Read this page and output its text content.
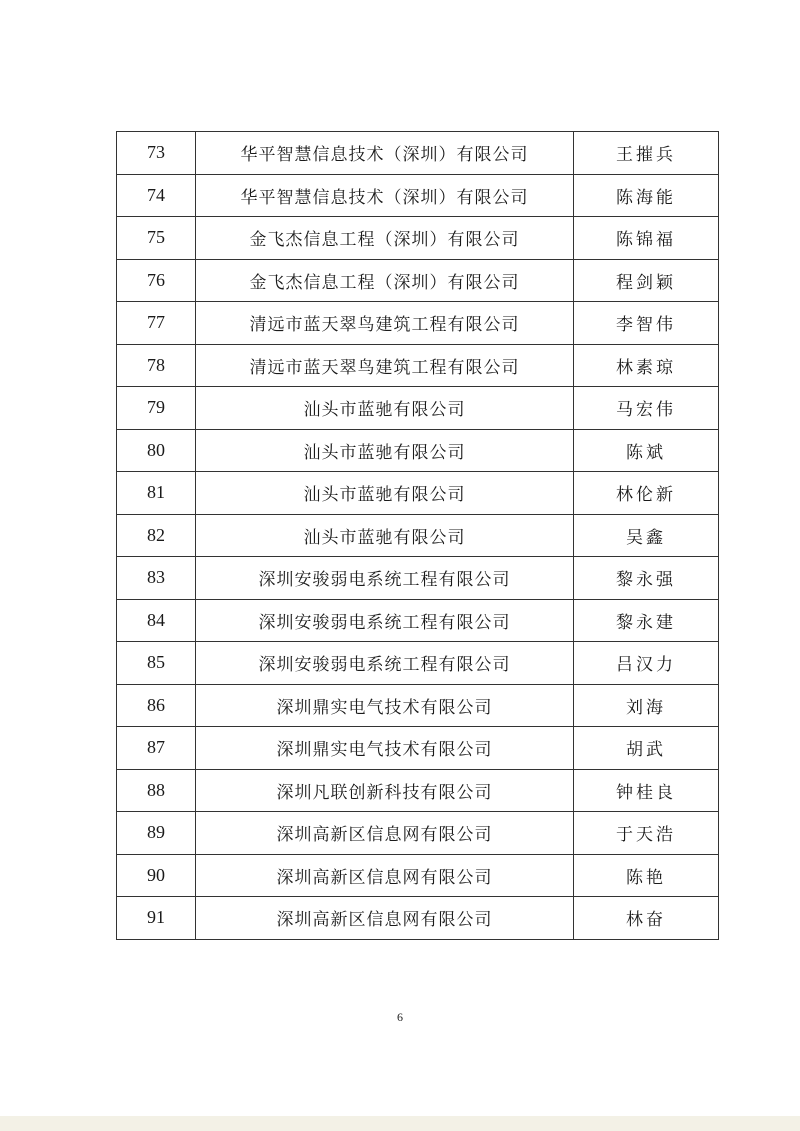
73	华平智慧信息技术（深圳）有限公司	王摧兵
74	华平智慧信息技术（深圳）有限公司	陈海能
75	金飞杰信息工程（深圳）有限公司	陈锦福
76	金飞杰信息工程（深圳）有限公司	程剑颖
77	清远市蓝天翠鸟建筑工程有限公司	李智伟
78	清远市蓝天翠鸟建筑工程有限公司	林素琼
79	汕头市蓝驰有限公司	马宏伟
80	汕头市蓝驰有限公司	陈斌
81	汕头市蓝驰有限公司	林伦新
82	汕头市蓝驰有限公司	吴鑫
83	深圳安骏弱电系统工程有限公司	黎永强
84	深圳安骏弱电系统工程有限公司	黎永建
85	深圳安骏弱电系统工程有限公司	吕汉力
86	深圳鼎实电气技术有限公司	刘海
87	深圳鼎实电气技术有限公司	胡武
88	深圳凡联创新科技有限公司	钟桂良
89	深圳高新区信息网有限公司	于天浩
90	深圳高新区信息网有限公司	陈艳
91	深圳高新区信息网有限公司	林奋
6
